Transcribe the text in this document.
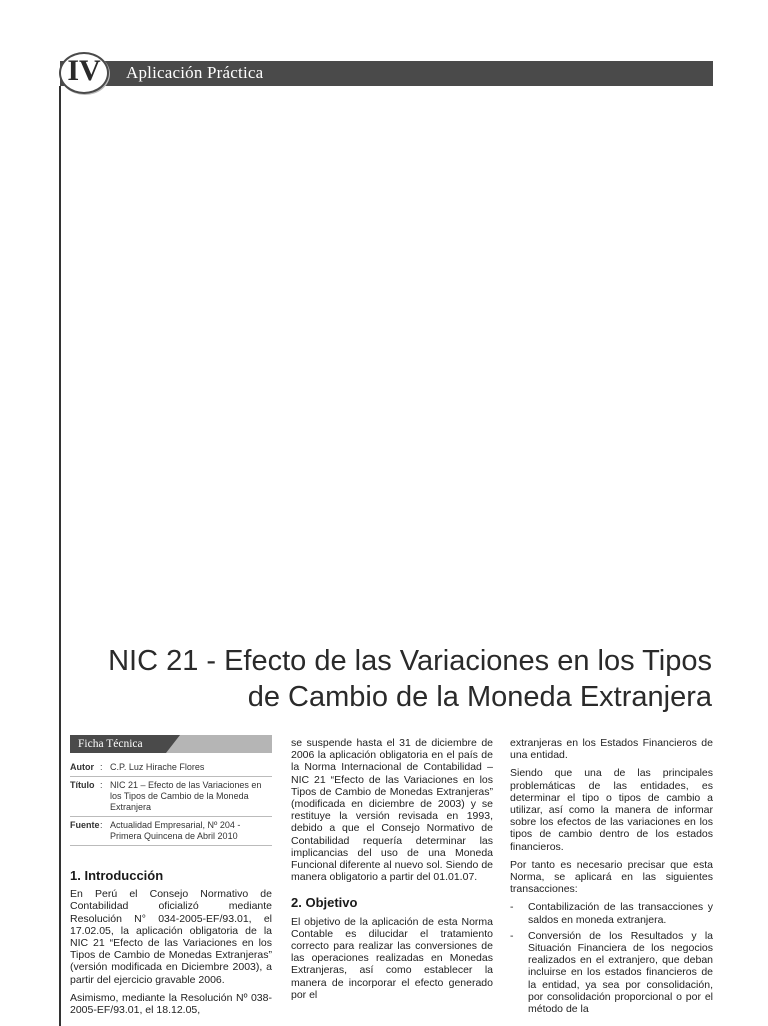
IV	Aplicación Práctica
NIC 21 - Efecto de las Variaciones en los Tipos
de Cambio de la Moneda Extranjera
Ficha Técnica
Autor : C.P. Luz Hirache Flores
Título : NIC 21 – Efecto de las Variaciones en los Tipos de Cambio de la Moneda Extranjera
Fuente : Actualidad Empresarial, Nº 204 - Primera Quincena de Abril 2010
1. Introducción

En Perú el Consejo Normativo de Contabilidad oficializó mediante Resolución N° 034-2005-EF/93.01, el 17.02.05, la aplicación obligatoria de la NIC 21 “Efecto de las Variaciones en los Tipos de Cambio de Monedas Extranjeras” (versión modificada en Diciembre 2003), a partir del ejercicio gravable 2006.

Asimismo, mediante la Resolución Nº 038-2005-EF/93.01, el 18.12.05,

se suspende hasta el 31 de diciembre de 2006 la aplicación obligatoria en el país de la Norma Internacional de Contabilidad – NIC 21 “Efecto de las Variaciones en los Tipos de Cambio de Monedas Extranjeras” (modificada en diciembre de 2003) y se restituye la versión revisada en 1993, debido a que el Consejo Normativo de Contabilidad requería determinar las implicancias del uso de una Moneda Funcional diferente al nuevo sol. Siendo de manera obligatorio a partir del 01.01.07.

2. Objetivo

El objetivo de la aplicación de esta Norma Contable es dilucidar el tratamiento correcto para realizar las conversiones de las operaciones realizadas en Monedas Extranjeras, así como establecer la manera de incorporar el efecto generado por el

extranjeras en los Estados Financieros de una entidad.

Siendo que una de las principales problemáticas de las entidades, es determinar el tipo o tipos de cambio a utilizar, así como la manera de informar sobre los efectos de las variaciones en los tipos de cambio dentro de los estados financieros.

Por tanto es necesario precisar que esta Norma, se aplicará en las siguientes transacciones:

-	Contabilización de las transacciones y saldos en moneda extranjera.
-	Conversión de los Resultados y la Situación Financiera de los negocios realizados en el extranjero, que deban incluirse en los estados financieros de la entidad, ya sea por consolidación, por consolidación proporcional o por el método de la
